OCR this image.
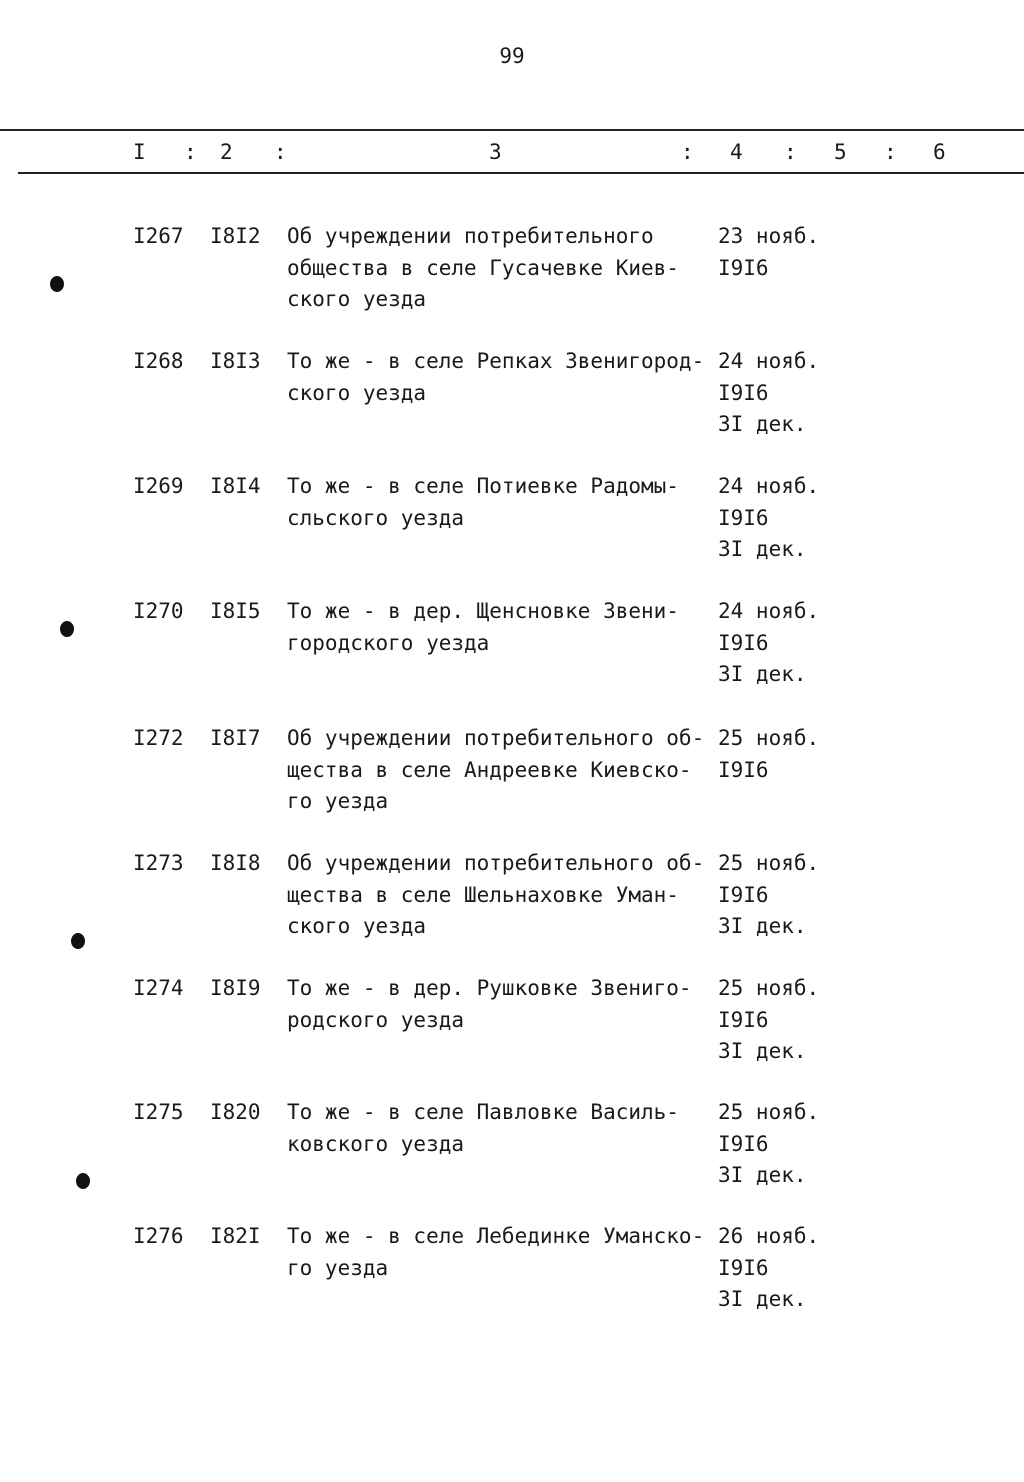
99
I : 2 :	3	: 4 : 5 : 6
I267 I8I2 Об учреждении потребительного
общества в селе Гусачевке Киев-
ского уезда
23 нояб.
I9I6
I268 I8I3 То же - в селе Репках Звенигород-
ского уезда
24 нояб.
I9I6
3I дек.
I269 I8I4 То же - в селе Потиевке Радомы-
сльского уезда
24 нояб.
I9I6
3I дек.
I270 I8I5 То же - в дер. Щенсновке Звени-
городского уезда
24 нояб.
I9I6
3I дек.
I272 I8I7 Об учреждении потребительного об-
щества в селе Андреевке Киевско-
го уезда
25 нояб.
I9I6
I273 I8I8 Об учреждении потребительного об-
щества в селе Шельнаховке Уман-
ского уезда
25 нояб.
I9I6
3I дек.
I274 I8I9 То же - в дер. Рушковке Звениго-
родского уезда
25 нояб.
I9I6
3I дек.
I275 I820 То же - в селе Павловке Василь-
ковского уезда
25 нояб.
I9I6
3I дек.
I276 I82I То же - в селе Лебединке Уманско-
го уезда
26 нояб.
I9I6
3I дек.
